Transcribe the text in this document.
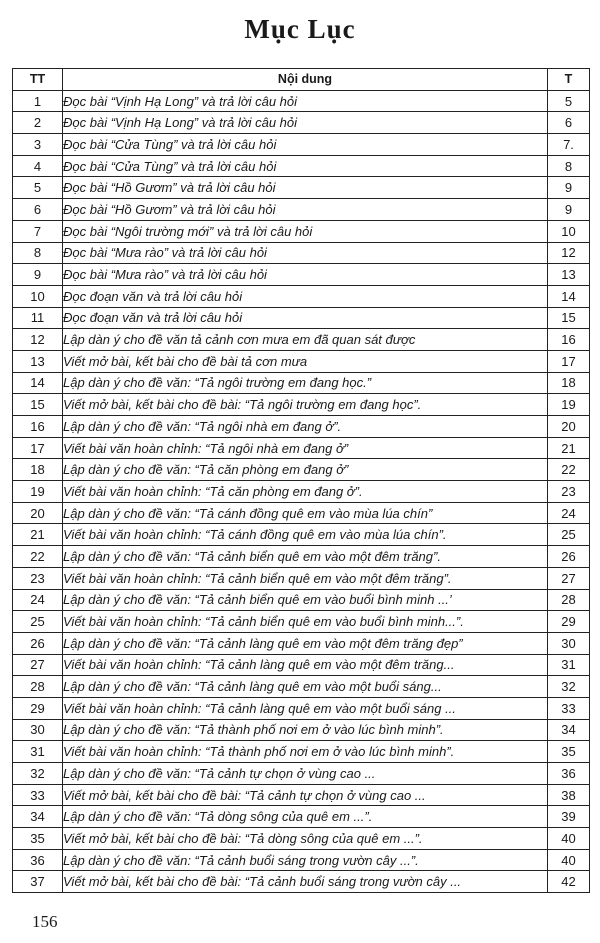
Mục Lục
TT	Nội dung	T
1	Đọc bài “Vịnh Hạ Long” và trả lời câu hỏi	5
2	Đọc bài “Vịnh Hạ Long” và trả lời câu hỏi	6
3	Đọc bài “Cửa Tùng” và trả lời câu hỏi	7.
4	Đọc bài “Cửa Tùng” và trả lời câu hỏi	8
5	Đọc bài “Hồ Gươm” và trả lời câu hỏi	9
6	Đọc bài “Hồ Gươm” và trả lời câu hỏi	9
7	Đọc bài “Ngôi trường mới” và trả lời câu hỏi	10
8	Đọc bài “Mưa rào” và trả lời câu hỏi	12
9	Đọc bài “Mưa rào” và trả lời câu hỏi	13
10	Đọc đoạn văn và trả lời câu hỏi	14
11	Đọc đoạn văn và trả lời câu hỏi	15
12	Lập dàn ý cho đề văn tả cảnh cơn mưa em đã quan sát được	16
13	Viết mở bài, kết bài cho đề bài tả cơn mưa	17
14	Lập dàn ý cho đề văn: “Tả ngôi trường em đang học.”	18
15	Viết mở bài, kết bài cho đề bài: “Tả ngôi trường em đang học”.	19
16	Lập dàn ý cho đề văn: “Tả ngôi nhà em đang ở”.	20
17	Viết bài văn hoàn chỉnh: “Tả ngôi nhà em đang ở”	21
18	Lập dàn ý cho đề văn: “Tả căn phòng em đang ở”	22
19	Viết bài văn hoàn chỉnh: “Tả căn phòng em đang ở”.	23
20	Lập dàn ý cho đề văn: “Tả cánh đồng quê em vào mùa lúa chín”	24
21	Viết bài văn hoàn chỉnh: “Tả cánh đồng quê em vào mùa lúa chín”.	25
22	Lập dàn ý cho đề văn: “Tả cảnh biển quê em vào một đêm trăng”.	26
23	Viết bài văn hoàn chỉnh: “Tả cảnh biển quê em vào một đêm trăng”.	27
24	Lập dàn ý cho đề văn: “Tả cảnh biển quê em vào buổi bình minh ...’	28
25	Viết bài văn hoàn chỉnh: “Tả cảnh biển quê em vào buổi bình minh...”.	29
26	Lập dàn ý cho đề văn: “Tả cảnh làng quê em vào một đêm trăng đẹp”	30
27	Viết bài văn hoàn chỉnh: “Tả cảnh làng quê em vào một đêm trăng...	31
28	Lập dàn ý cho đề văn: “Tả cảnh làng quê em vào một buổi sáng...	32
29	Viết bài văn hoàn chỉnh: “Tả cảnh làng quê em vào một buổi sáng ...	33
30	Lập dàn ý cho đề văn: “Tả thành phố nơi em ở vào lúc bình minh”.	34
31	Viết bài văn hoàn chỉnh: “Tả thành phố nơi em ở vào lúc bình minh”.	35
32	Lập dàn ý cho đề văn: “Tả cảnh tự chọn ở vùng cao ...	36
33	Viết mở bài, kết bài cho đề bài: “Tả cảnh tự chọn ở vùng cao ...	38
34	Lập dàn ý cho đề văn: “Tả dòng sông của quê em ...”.	39
35	Viết mở bài, kết bài cho đề bài: “Tả dòng sông của quê em ...”.	40
36	Lập dàn ý cho đề văn: “Tả cảnh buổi sáng trong vườn cây ...”.	40
37	Viết mở bài, kết bài cho đề bài: “Tả cảnh buổi sáng trong vườn cây ...	42
156
